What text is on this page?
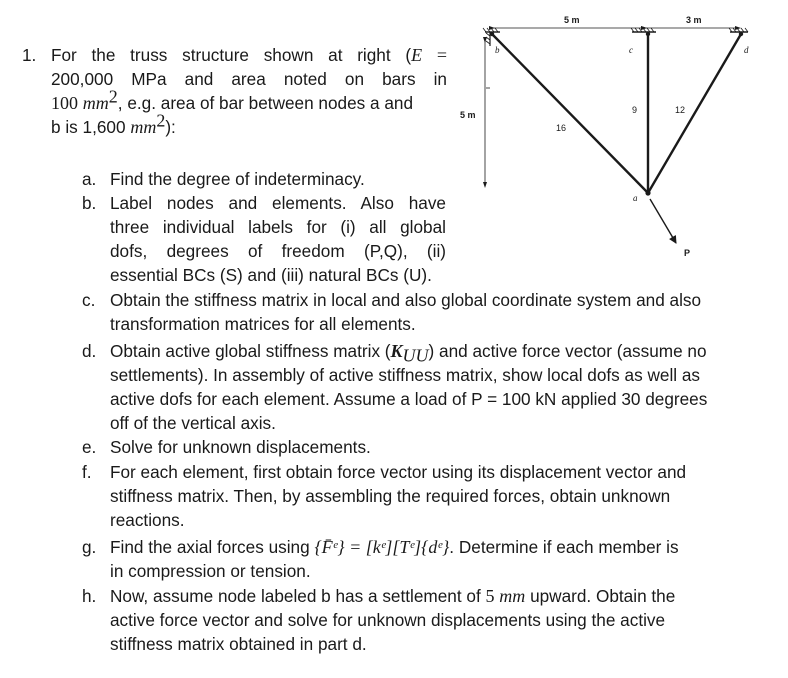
1. For the truss structure shown at right (E =
200,000 MPa and area noted on bars in
100 $mm^2$, e.g. area of bar between nodes a and
b is 1,600 $mm^2$):
a. Find the degree of indeterminacy.
b. Label nodes and elements. Also have
three individual labels for (i) all global
dofs, degrees of freedom (P,Q), (ii)
essential BCs (S) and (iii) natural BCs (U).
c. Obtain the stiffness matrix in local and also global coordinate system and also
transformation matrices for all elements.
d. Obtain active global stiffness matrix $(K_{UU})$ and active force vector (assume no
settlements). In assembly of active stiffness matrix, show local dofs as well as
active dofs for each element. Assume a load of P = 100 kN applied 30 degrees
off of the vertical axis.
e. Solve for unknown displacements.
f. For each element, first obtain force vector using its displacement vector and
stiffness matrix. Then, by assembling the required forces, obtain unknown
reactions.
g. Find the axial forces using {F̄ᵉ} = [kᵉ][Tᵉ]{dᵉ}. Determine if each member is
in compression or tension.
h. Now, assume node labeled b has a settlement of 5 mm upward. Obtain the
active force vector and solve for unknown displacements using the active
stiffness matrix obtained in part d.
5 m	3 m
5 m
b	c	d
a
16
9	12
P
